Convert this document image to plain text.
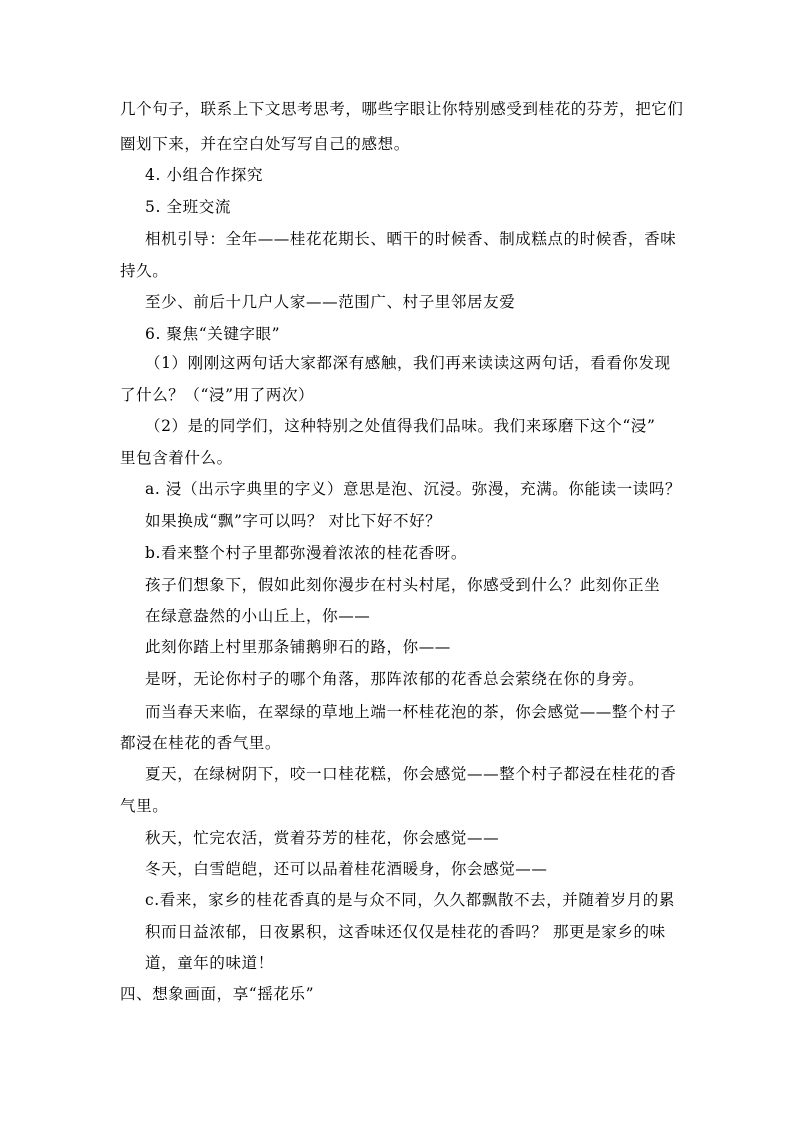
几个句子，联系上下文思考思考，哪些字眼让你特别感受到桂花的芬芳，把它们
圈划下来，并在空白处写写自己的感想。
4. 小组合作探究
5. 全班交流
相机引导：全年——桂花花期长、晒干的时候香、制成糕点的时候香，香味
持久。
至少、前后十几户人家——范围广、村子里邻居友爱
6. 聚焦“关键字眼”
（1）刚刚这两句话大家都深有感触，我们再来读读这两句话，看看你发现
了什么？（“浸”用了两次）
（2）是的同学们，这种特别之处值得我们品味。我们来琢磨下这个“浸”
里包含着什么。
a. 浸（出示字典里的字义）意思是泡、沉浸。弥漫，充满。你能读一读吗？
如果换成“飘”字可以吗？ 对比下好不好？
b.看来整个村子里都弥漫着浓浓的桂花香呀。
孩子们想象下，假如此刻你漫步在村头村尾，你感受到什么？此刻你正坐
在绿意盎然的小山丘上，你——
此刻你踏上村里那条铺鹅卵石的路，你——
是呀，无论你村子的哪个角落，那阵浓郁的花香总会萦绕在你的身旁。
而当春天来临，在翠绿的草地上端一杯桂花泡的茶，你会感觉——整个村子
都浸在桂花的香气里。
夏天，在绿树阴下，咬一口桂花糕，你会感觉——整个村子都浸在桂花的香
气里。
秋天，忙完农活，赏着芬芳的桂花，你会感觉——
冬天，白雪皑皑，还可以品着桂花酒暖身，你会感觉——
c.看来，家乡的桂花香真的是与众不同，久久都飘散不去，并随着岁月的累
积而日益浓郁，日夜累积，这香味还仅仅是桂花的香吗？ 那更是家乡的味
道，童年的味道！
四、想象画面，享“摇花乐”
